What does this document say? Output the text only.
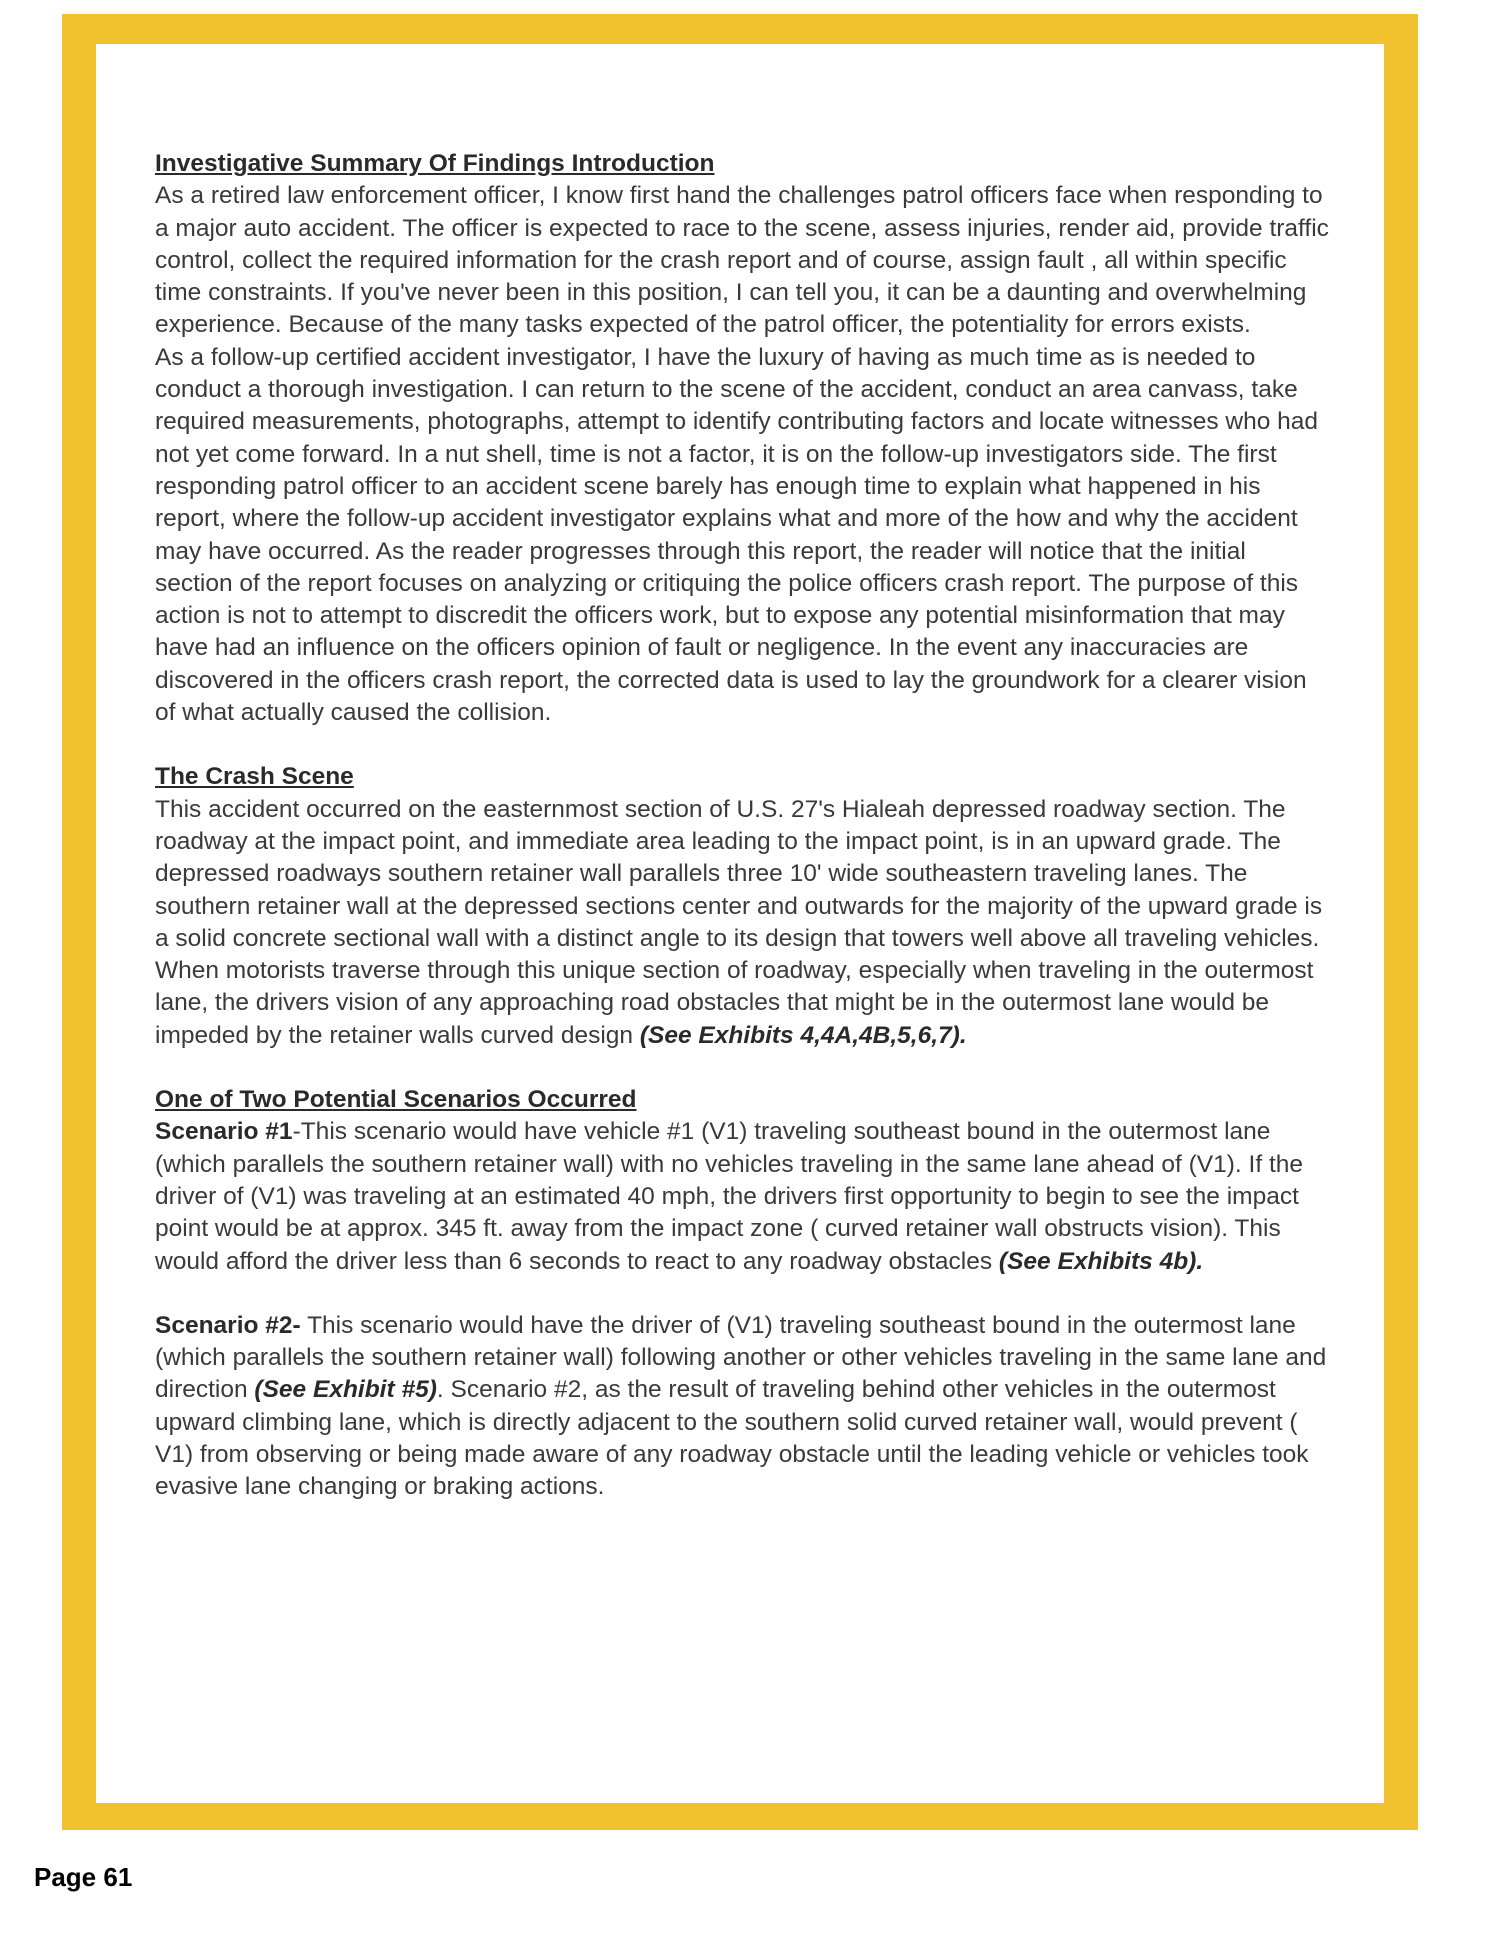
Investigative Summary Of Findings Introduction

As a retired law enforcement officer, I know first hand the challenges patrol officers face when responding to a major auto accident. The officer is expected to race to the scene, assess injuries, render aid, provide traffic control, collect the required information for the crash report and of course, assign fault , all within specific time constraints. If you've never been in this position, I can tell you, it can be a daunting and overwhelming experience. Because of the many tasks expected of the patrol officer, the potentiality for errors exists.

As a follow-up certified accident investigator, I have the luxury of having as much time as is needed to conduct a thorough investigation. I can return to the scene of the accident, conduct an area canvass, take required measurements, photographs, attempt to identify contributing factors and locate witnesses who had not yet come forward. In a nut shell, time is not a factor, it is on the follow-up investigators side. The first responding patrol officer to an accident scene barely has enough time to explain what happened in his report, where the follow-up accident investigator explains what and more of the how and why the accident may have occurred. As the reader progresses through this report, the reader will notice that the initial section of the report focuses on analyzing or critiquing the police officers crash report. The purpose of this action is not to attempt to discredit the officers work, but to expose any potential misinformation that may have had an influence on the officers opinion of fault or negligence. In the event any inaccuracies are discovered in the officers crash report, the corrected data is used to lay the groundwork for a clearer vision of what actually caused the collision.

The Crash Scene

This accident occurred on the easternmost section of U.S. 27's Hialeah depressed roadway section. The roadway at the impact point, and immediate area leading to the impact point, is in an upward grade. The depressed roadways southern retainer wall parallels three 10' wide southeastern traveling lanes. The southern retainer wall at the depressed sections center and outwards for the majority of the upward grade is a solid concrete sectional wall with a distinct angle to its design that towers well above all traveling vehicles. When motorists traverse through this unique section of roadway, especially when traveling in the outermost lane, the drivers vision of any approaching road obstacles that might be in the outermost lane would be impeded by the retainer walls curved design (See Exhibits 4,4A,4B,5,6,7).

One of Two Potential Scenarios Occurred

Scenario #1-This scenario would have vehicle #1 (V1) traveling southeast bound in the outermost lane (which parallels the southern retainer wall) with no vehicles traveling in the same lane ahead of (V1). If the driver of (V1) was traveling at an estimated 40 mph, the drivers first opportunity to begin to see the impact point would be at approx. 345 ft. away from the impact zone ( curved retainer wall obstructs vision). This would afford the driver less than 6 seconds to react to any roadway obstacles (See Exhibits 4b).

Scenario #2- This scenario would have the driver of (V1) traveling southeast bound in the outermost lane (which parallels the southern retainer wall) following another or other vehicles traveling in the same lane and direction (See Exhibit #5). Scenario #2, as the result of traveling behind other vehicles in the outermost upward climbing lane, which is directly adjacent to the southern solid curved retainer wall, would prevent ( V1) from observing or being made aware of any roadway obstacle until the leading vehicle or vehicles took evasive lane changing or braking actions.

Page 61
